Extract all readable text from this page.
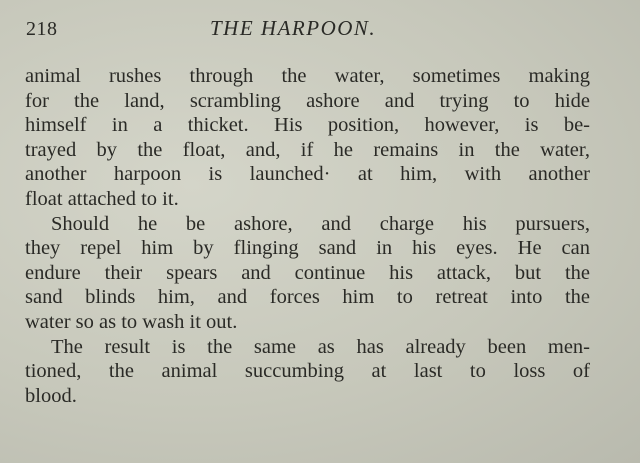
218	THE HARPOON.
animal rushes through the water, sometimes making
for the land, scrambling ashore and trying to hide
himself in a thicket. His position, however, is be-
trayed by the float, and, if he remains in the water,
another harpoon is launched· at him, with another
float attached to it.
Should he be ashore, and charge his pursuers,
they repel him by flinging sand in his eyes. He can
endure their spears and continue his attack, but the
sand blinds him, and forces him to retreat into the
water so as to wash it out.
The result is the same as has already been men-
tioned, the animal succumbing at last to loss of
blood.
